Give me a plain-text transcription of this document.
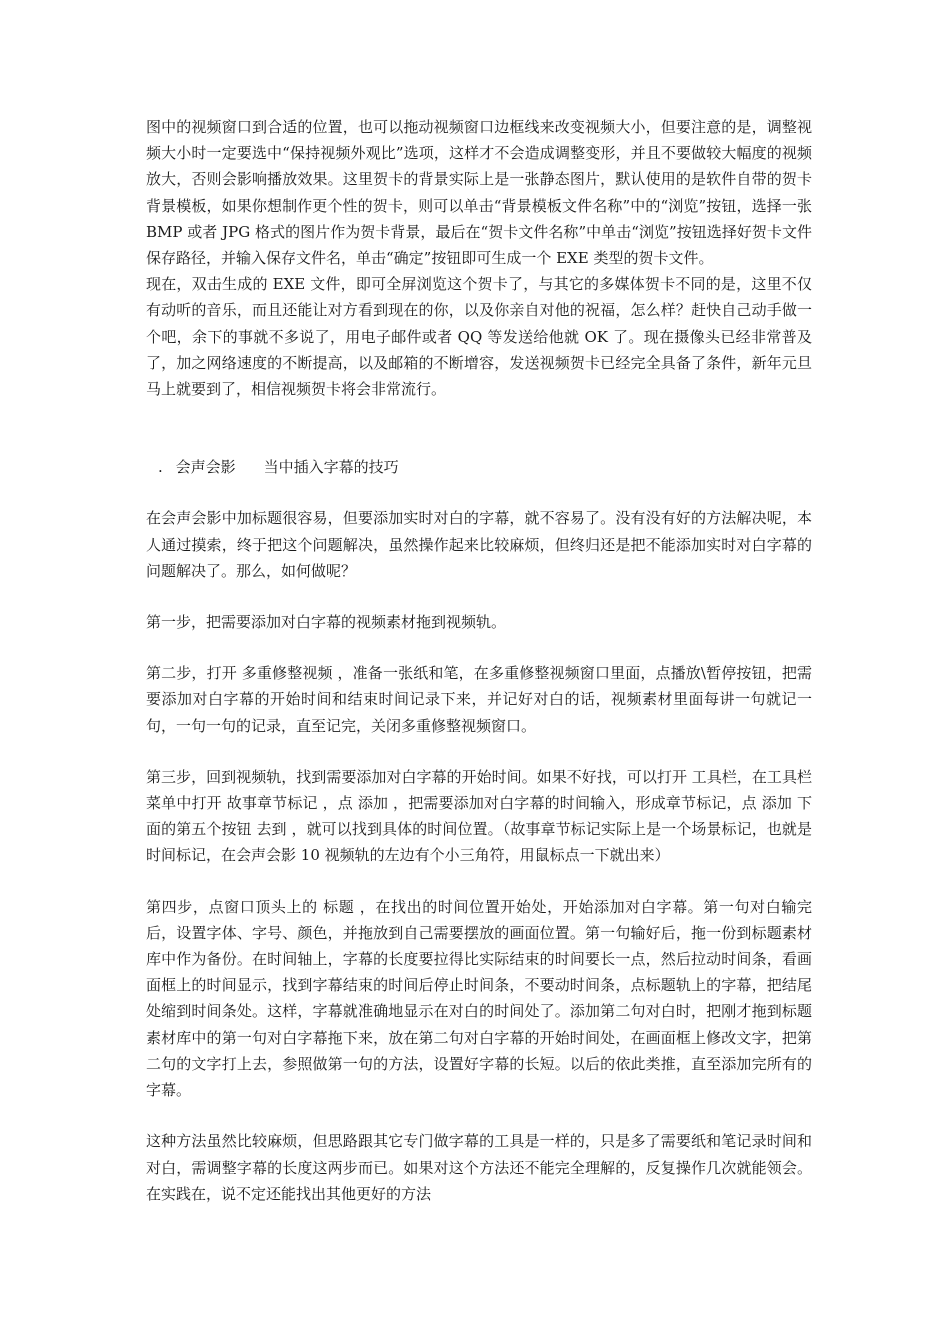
图中的视频窗口到合适的位置，也可以拖动视频窗口边框线来改变视频大小，但要注意的是，调整视频大小时一定要选中“保持视频外观比”选项，这样才不会造成调整变形，并且不要做较大幅度的视频放大，否则会影响播放效果。这里贺卡的背景实际上是一张静态图片，默认使用的是软件自带的贺卡背景模板，如果你想制作更个性的贺卡，则可以单击“背景模板文件名称”中的“浏览”按钮，选择一张 BMP 或者 JPG 格式的图片作为贺卡背景，最后在“贺卡文件名称”中单击“浏览”按钮选择好贺卡文件保存路径，并输入保存文件名，单击“确定”按钮即可生成一个 EXE 类型的贺卡文件。

现在，双击生成的 EXE 文件，即可全屏浏览这个贺卡了，与其它的多媒体贺卡不同的是，这里不仅有动听的音乐，而且还能让对方看到现在的你，以及你亲自对他的祝福，怎么样？赶快自己动手做一个吧，余下的事就不多说了，用电子邮件或者 QQ 等发送给他就 OK 了。现在摄像头已经非常普及了，加之网络速度的不断提高，以及邮箱的不断增容，发送视频贺卡已经完全具备了条件，新年元旦马上就要到了，相信视频贺卡将会非常流行。

. 会声会影 当中插入字幕的技巧

在会声会影中加标题很容易，但要添加实时对白的字幕，就不容易了。没有没有好的方法解决呢，本人通过摸索，终于把这个问题解决，虽然操作起来比较麻烦，但终归还是把不能添加实时对白字幕的问题解决了。那么，如何做呢？

第一步，把需要添加对白字幕的视频素材拖到视频轨。

第二步，打开 多重修整视频 ，准备一张纸和笔，在多重修整视频窗口里面，点播放\暂停按钮，把需要添加对白字幕的开始时间和结束时间记录下来，并记好对白的话，视频素材里面每讲一句就记一句，一句一句的记录，直至记完，关闭多重修整视频窗口。

第三步，回到视频轨，找到需要添加对白字幕的开始时间。如果不好找，可以打开 工具栏，在工具栏菜单中打开 故事章节标记 ，点 添加 ，把需要添加对白字幕的时间输入，形成章节标记，点 添加 下面的第五个按钮 去到 ，就可以找到具体的时间位置。（故事章节标记实际上是一个场景标记，也就是时间标记，在会声会影 10 视频轨的左边有个小三角符，用鼠标点一下就出来）

第四步，点窗口顶头上的 标题 ，在找出的时间位置开始处，开始添加对白字幕。第一句对白输完后，设置字体、字号、颜色，并拖放到自己需要摆放的画面位置。第一句输好后，拖一份到标题素材库中作为备份。在时间轴上，字幕的长度要拉得比实际结束的时间要长一点，然后拉动时间条，看画面框上的时间显示，找到字幕结束的时间后停止时间条，不要动时间条，点标题轨上的字幕，把结尾处缩到时间条处。这样，字幕就准确地显示在对白的时间处了。添加第二句对白时，把刚才拖到标题素材库中的第一句对白字幕拖下来，放在第二句对白字幕的开始时间处，在画面框上修改文字，把第二句的文字打上去，参照做第一句的方法，设置好字幕的长短。以后的依此类推，直至添加完所有的字幕。

这种方法虽然比较麻烦，但思路跟其它专门做字幕的工具是一样的，只是多了需要纸和笔记录时间和对白，需调整字幕的长度这两步而已。如果对这个方法还不能完全理解的，反复操作几次就能领会。在实践在，说不定还能找出其他更好的方法
